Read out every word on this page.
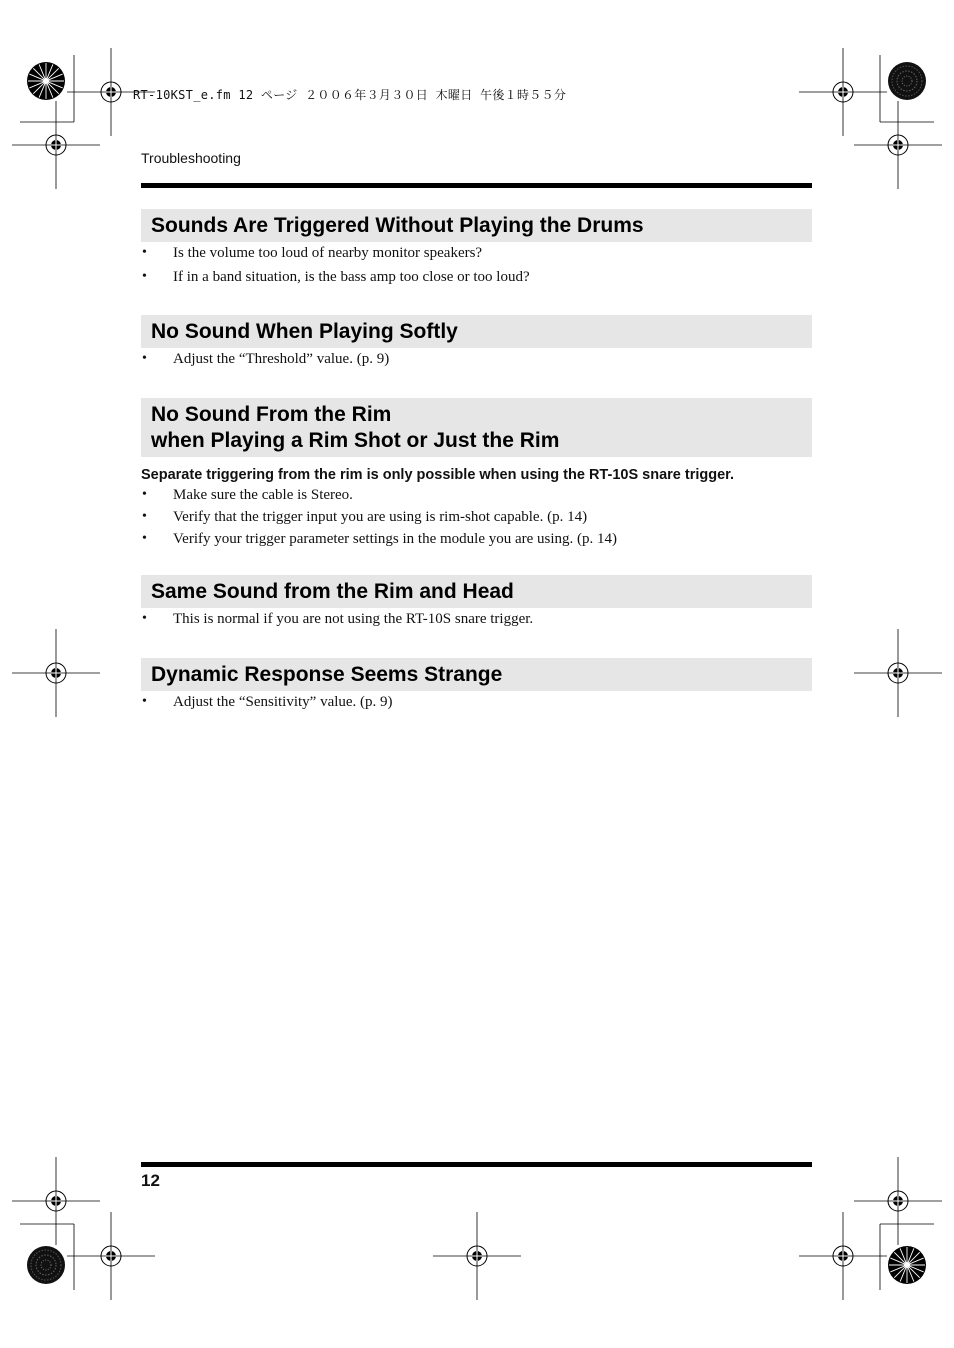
RT-10KST_e.fm 12 ページ ２００６年３月３０日 木曜日 午後１時５５分
Troubleshooting
Sounds Are Triggered Without Playing the Drums
• Is the volume too loud of nearby monitor speakers?
• If in a band situation, is the bass amp too close or too loud?
No Sound When Playing Softly
• Adjust the “Threshold” value. (p. 9)
No Sound From the Rim
when Playing a Rim Shot or Just the Rim
Separate triggering from the rim is only possible when using the RT-10S snare trigger.
• Make sure the cable is Stereo.
• Verify that the trigger input you are using is rim-shot capable. (p. 14)
• Verify your trigger parameter settings in the module you are using. (p. 14)
Same Sound from the Rim and Head
• This is normal if you are not using the RT-10S snare trigger.
Dynamic Response Seems Strange
• Adjust the “Sensitivity” value. (p. 9)
12
